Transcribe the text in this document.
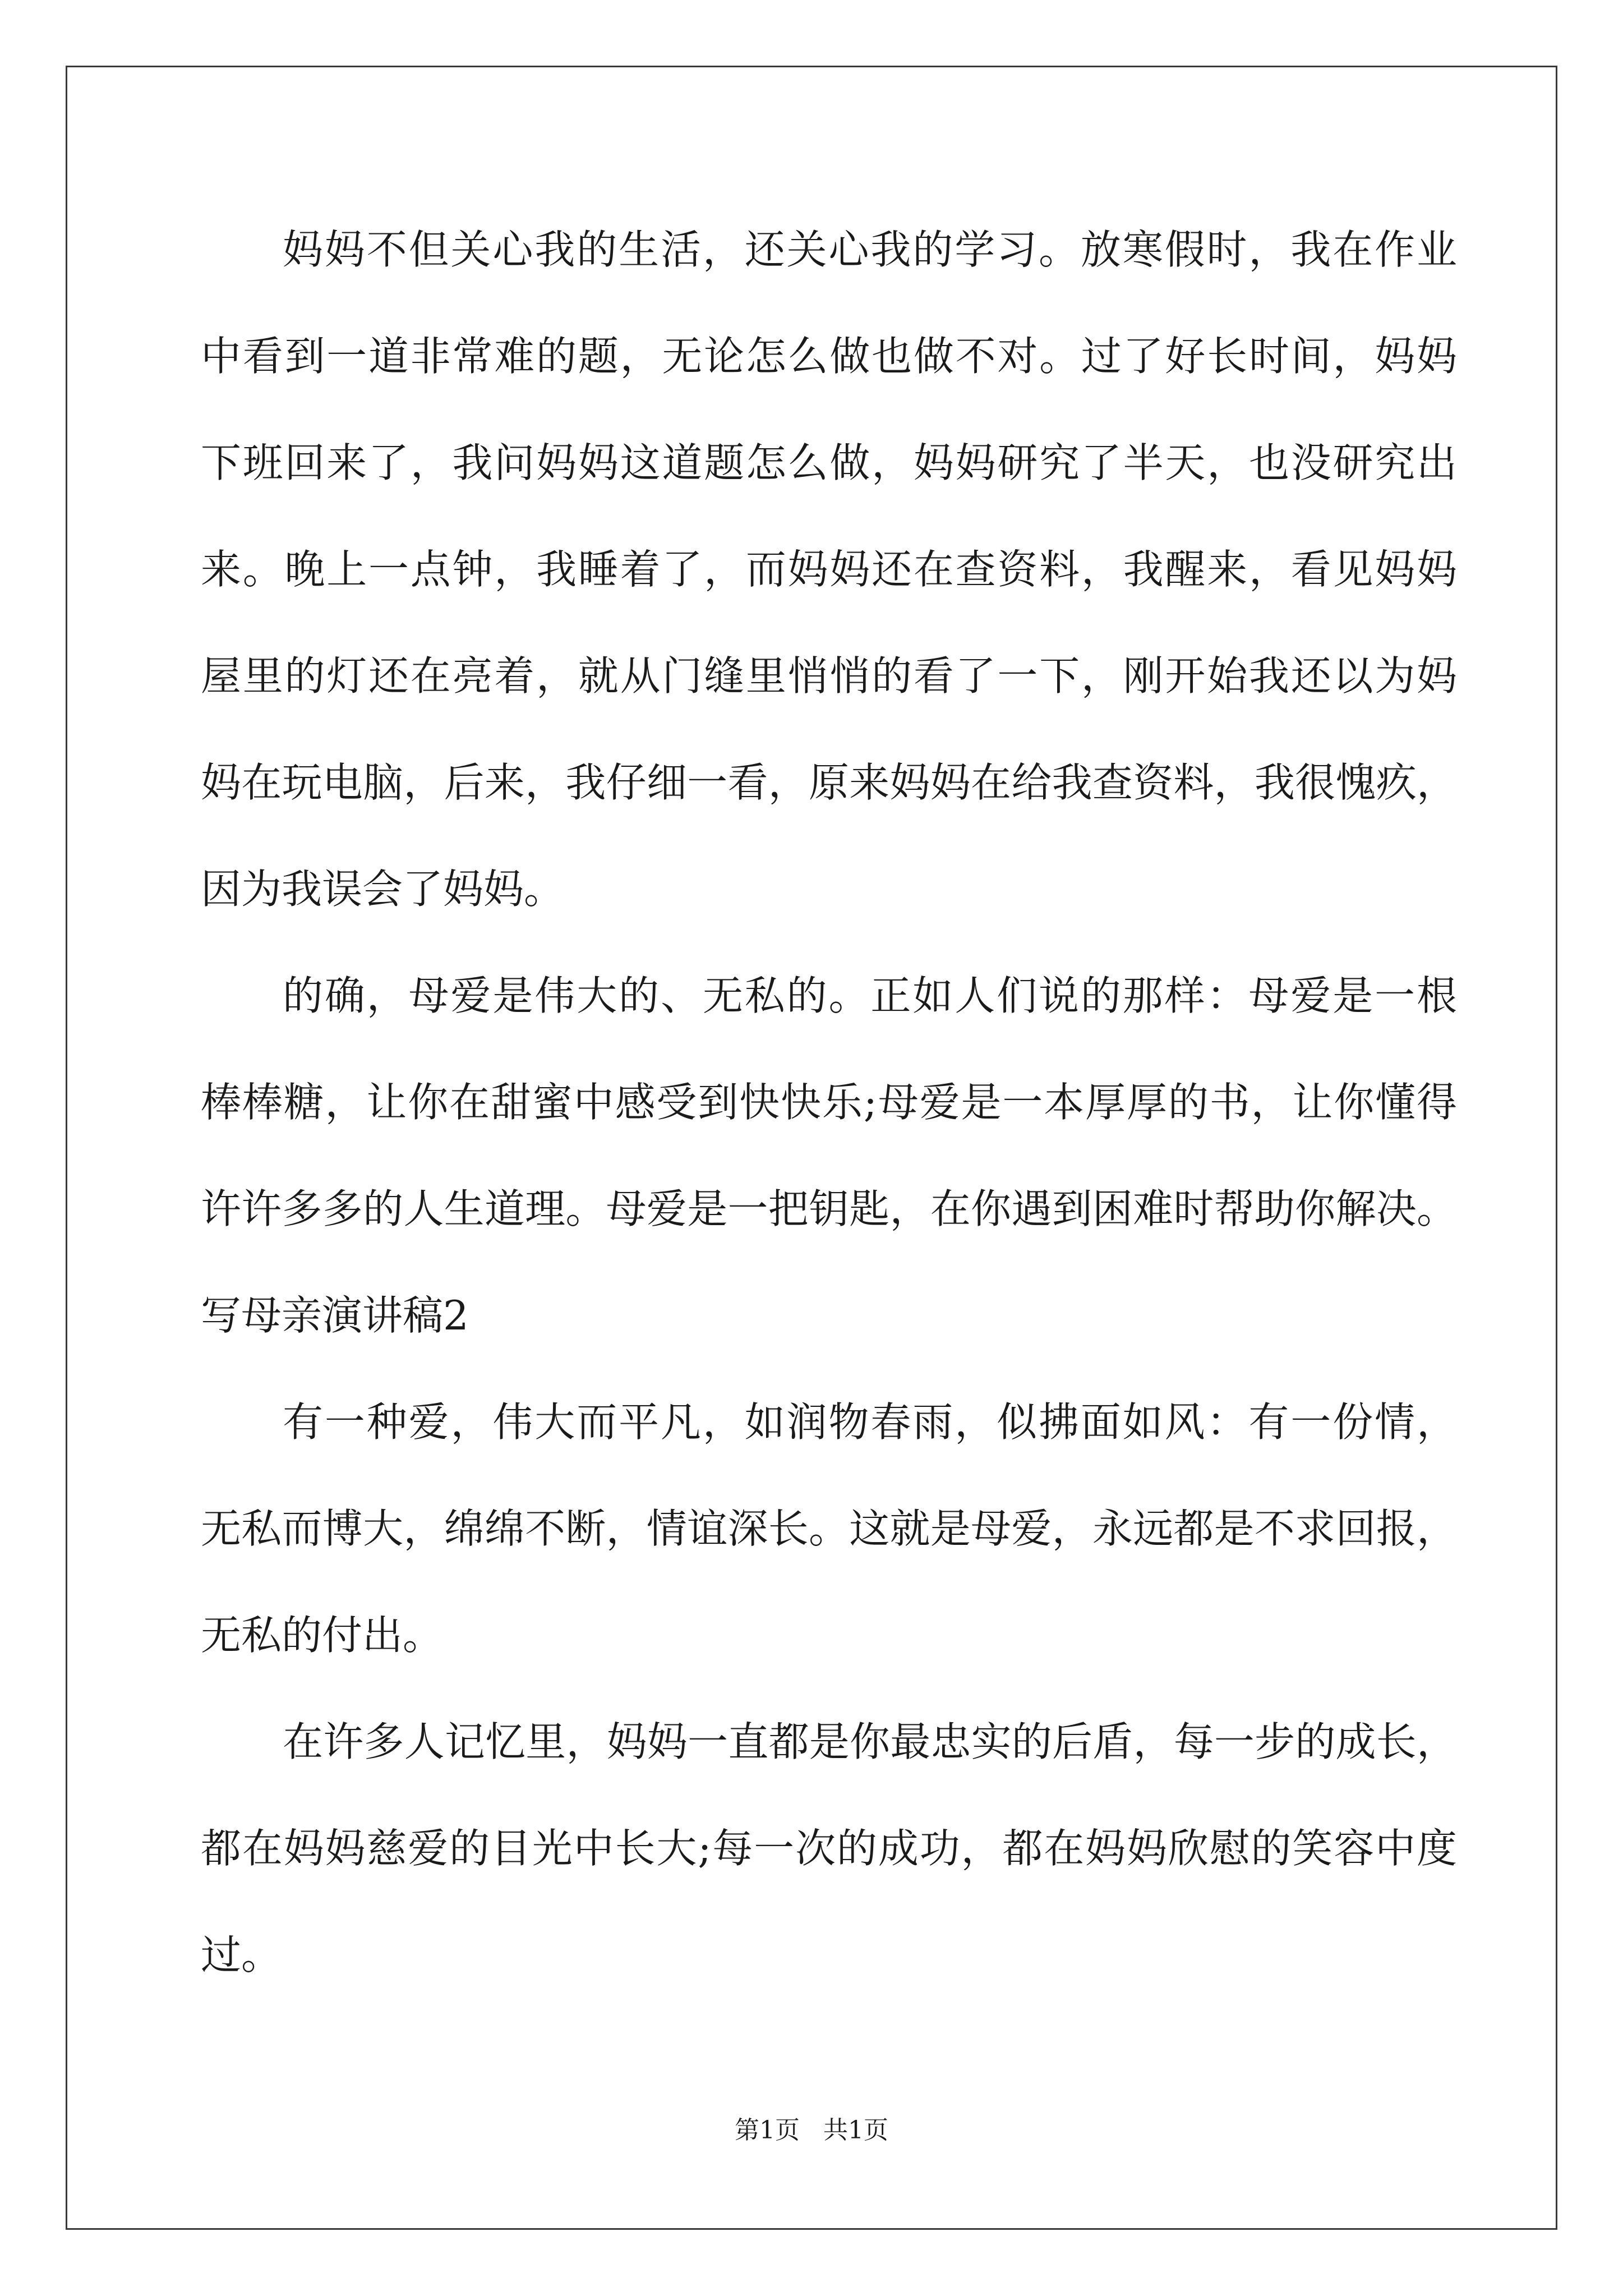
妈妈不但关心我的生活，还关心我的学习。放寒假时，我在作业
中看到一道非常难的题，无论怎么做也做不对。过了好长时间，妈妈
下班回来了，我问妈妈这道题怎么做，妈妈研究了半天，也没研究出
来。晚上一点钟，我睡着了，而妈妈还在查资料，我醒来，看见妈妈
屋里的灯还在亮着，就从门缝里悄悄的看了一下，刚开始我还以为妈
妈在玩电脑，后来，我仔细一看，原来妈妈在给我查资料，我很愧疚，
因为我误会了妈妈。
的确，母爱是伟大的、无私的。正如人们说的那样：母爱是一根
棒棒糖，让你在甜蜜中感受到快快乐;母爱是一本厚厚的书，让你懂得
许许多多的人生道理。母爱是一把钥匙，在你遇到困难时帮助你解决。
写母亲演讲稿2
有一种爱，伟大而平凡，如润物春雨，似拂面如风：有一份情，
无私而博大，绵绵不断，情谊深长。这就是母爱，永远都是不求回报，
无私的付出。
在许多人记忆里，妈妈一直都是你最忠实的后盾，每一步的成长，
都在妈妈慈爱的目光中长大;每一次的成功，都在妈妈欣慰的笑容中度
过。
第1页 共1页
